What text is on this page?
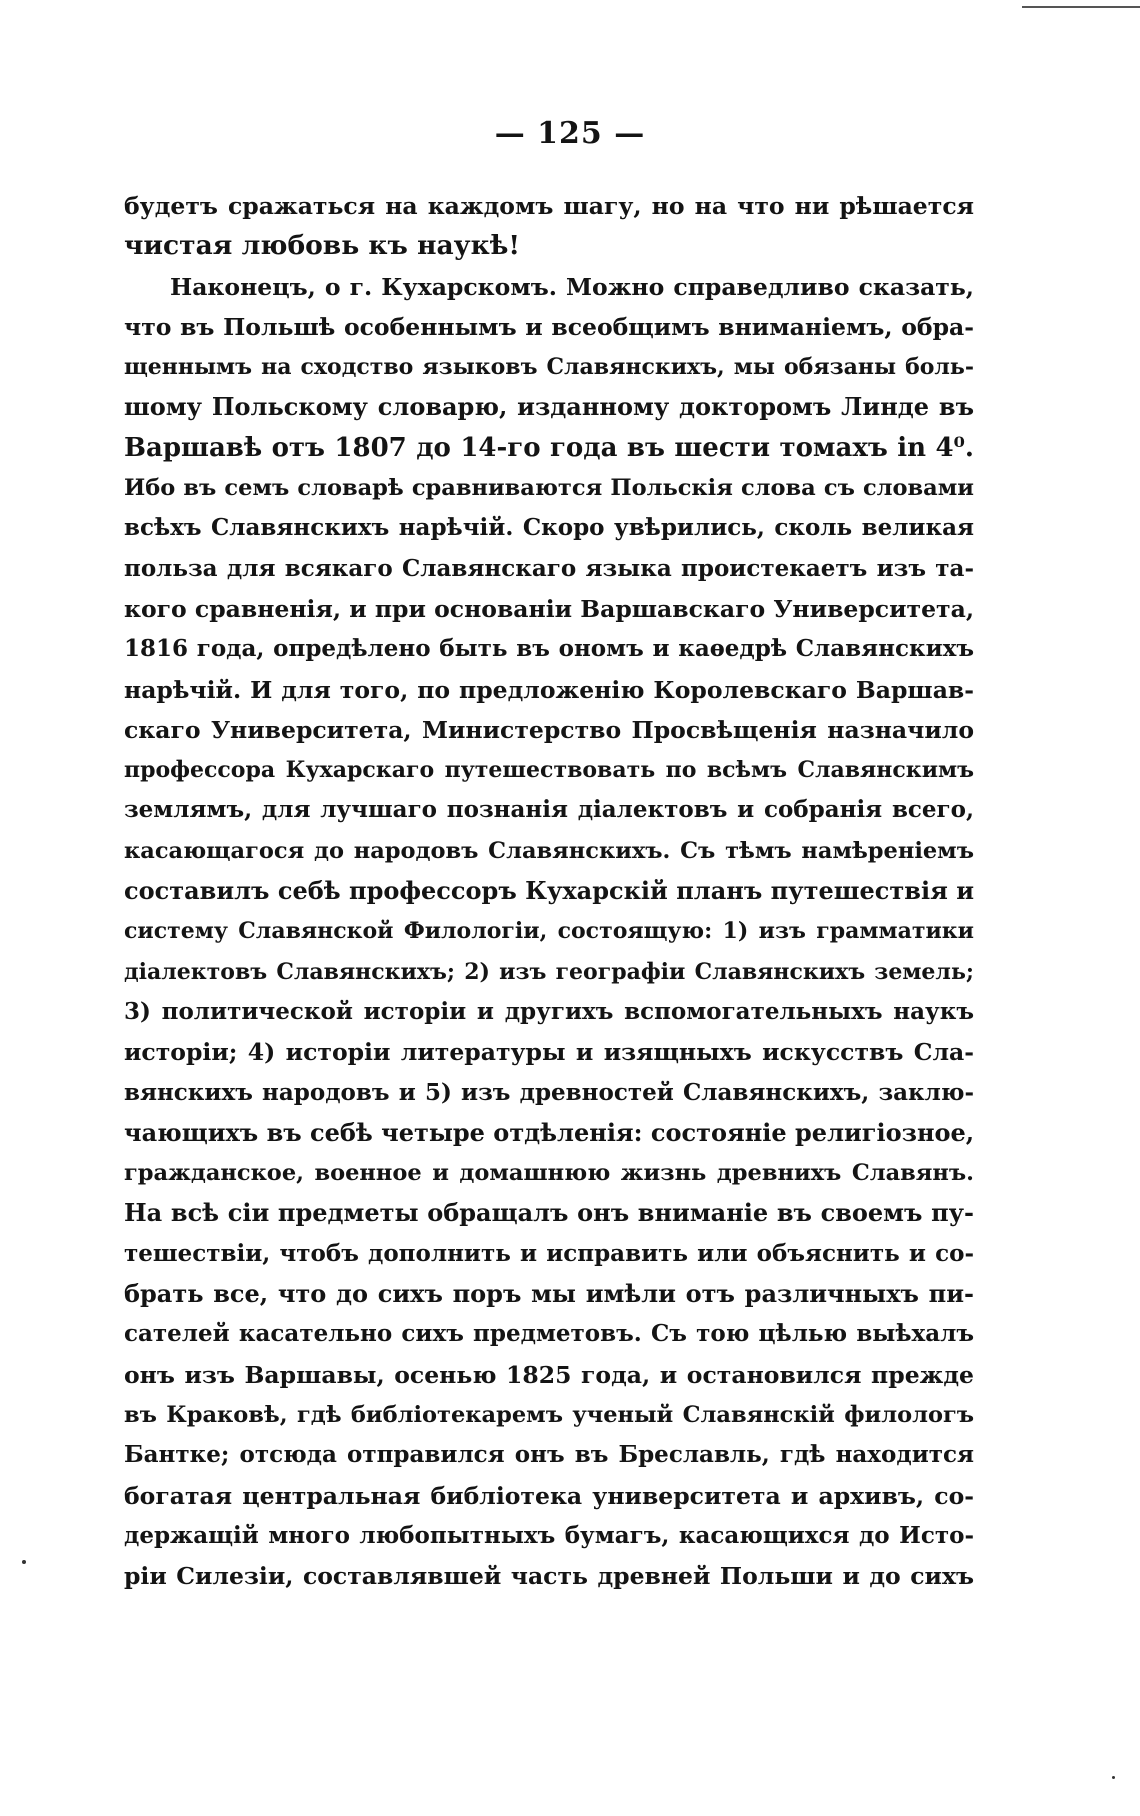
— 125 —
будетъ сражаться на каждомъ шагу, но на что ни рѣшается
чистая любовь къ наукѣ!
Наконецъ, о г. Кухарскомъ. Можно справедливо сказать,
что въ Польшѣ особеннымъ и всеобщимъ вниманіемъ, обра-
щеннымъ на сходство языковъ Славянскихъ, мы обязаны боль-
шому Польскому словарю, изданному докторомъ Линде въ
Варшавѣ отъ 1807 до 14-го года въ шести томахъ in 4⁰.
Ибо въ семъ словарѣ сравниваются Польскія слова съ словами
всѣхъ Славянскихъ нарѣчій. Скоро увѣрились, сколь великая
польза для всякаго Славянскаго языка проистекаетъ изъ та-
кого сравненія, и при основаніи Варшавскаго Университета,
1816 года, опредѣлено быть въ ономъ и каѳедрѣ Славянскихъ
нарѣчій. И для того, по предложенію Королевскаго Варшав-
скаго Университета, Министерство Просвѣщенія назначило
профессора Кухарскаго путешествовать по всѣмъ Славянскимъ
землямъ, для лучшаго познанія діалектовъ и собранія всего,
касающагося до народовъ Славянскихъ. Съ тѣмъ намѣреніемъ
составилъ себѣ профессоръ Кухарскій планъ путешествія и
систему Славянской Филологіи, состоящую: 1) изъ грамматики
діалектовъ Славянскихъ; 2) изъ географіи Славянскихъ земель;
3) политической исторіи и другихъ вспомогательныхъ наукъ
исторіи; 4) исторіи литературы и изящныхъ искусствъ Сла-
вянскихъ народовъ и 5) изъ древностей Славянскихъ, заклю-
чающихъ въ себѣ четыре отдѣленія: состояніе религіозное,
гражданское, военное и домашнюю жизнь древнихъ Славянъ.
На всѣ сіи предметы обращалъ онъ вниманіе въ своемъ пу-
тешествіи, чтобъ дополнить и исправить или объяснить и со-
брать все, что до сихъ поръ мы имѣли отъ различныхъ пи-
сателей касательно сихъ предметовъ. Съ тою цѣлью выѣхалъ
онъ изъ Варшавы, осенью 1825 года, и остановился прежде
въ Краковѣ, гдѣ библіотекаремъ ученый Славянскій филологъ
Бантке; отсюда отправился онъ въ Бреславль, гдѣ находится
богатая центральная библіотека университета и архивъ, со-
держащій много любопытныхъ бумагъ, касающихся до Исто-
ріи Силезіи, составлявшей часть древней Польши и до сихъ
